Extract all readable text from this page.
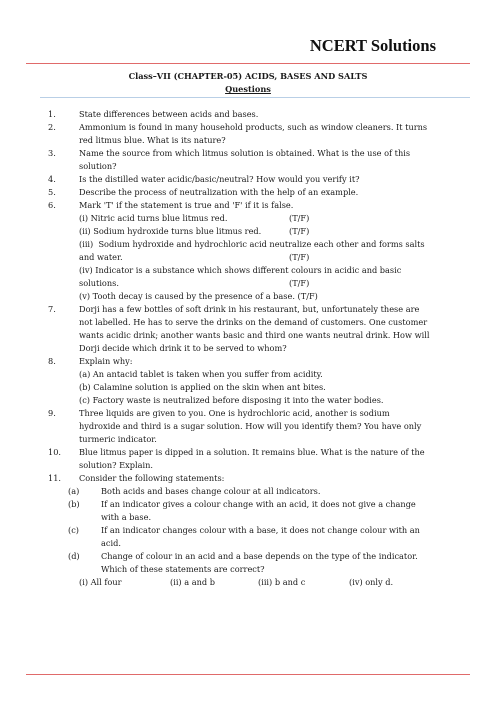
NCERT Solutions
Class–VII (CHAPTER-05) ACIDS, BASES AND SALTS
Questions
1.	State differences between acids and bases.
2.	Ammonium is found in many household products, such as window cleaners. It turns
red litmus blue. What is its nature?
3.	Name the source from which litmus solution is obtained. What is the use of this
solution?
4.	Is the distilled water acidic/basic/neutral? How would you verify it?
5.	Describe the process of neutralization with the help of an example.
6.	Mark 'T' if the statement is true and 'F' if it is false.
(i) Nitric acid turns blue litmus red.	(T/F)
(ii) Sodium hydroxide turns blue litmus red.	(T/F)
(iii)  Sodium hydroxide and hydrochloric acid neutralize each other and forms salts
and water.	(T/F)
(iv) Indicator is a substance which shows different colours in acidic and basic
solutions.	(T/F)
(v) Tooth decay is caused by the presence of a base. (T/F)
7.	Dorji has a few bottles of soft drink in his restaurant, but, unfortunately these are
not labelled. He has to serve the drinks on the demand of customers. One customer
wants acidic drink; another wants basic and third one wants neutral drink. How will
Dorji decide which drink it to be served to whom?
8.	Explain why:
(a) An antacid tablet is taken when you suffer from acidity.
(b) Calamine solution is applied on the skin when ant bites.
(c) Factory waste is neutralized before disposing it into the water bodies.
9.	Three liquids are given to you. One is hydrochloric acid, another is sodium
hydroxide and third is a sugar solution. How will you identify them? You have only
turmeric indicator.
10. Blue litmus paper is dipped in a solution. It remains blue. What is the nature of the
solution? Explain.
11. Consider the following statements:
(a)	Both acids and bases change colour at all indicators.
(b)	If an indicator gives a colour change with an acid, it does not give a change
with a base.
(c)	If an indicator changes colour with a base, it does not change colour with an
acid.
(d)	Change of colour in an acid and a base depends on the type of the indicator.
Which of these statements are correct?
(i) All four	(ii) a and b	(iii) b and c	(iv) only d.
